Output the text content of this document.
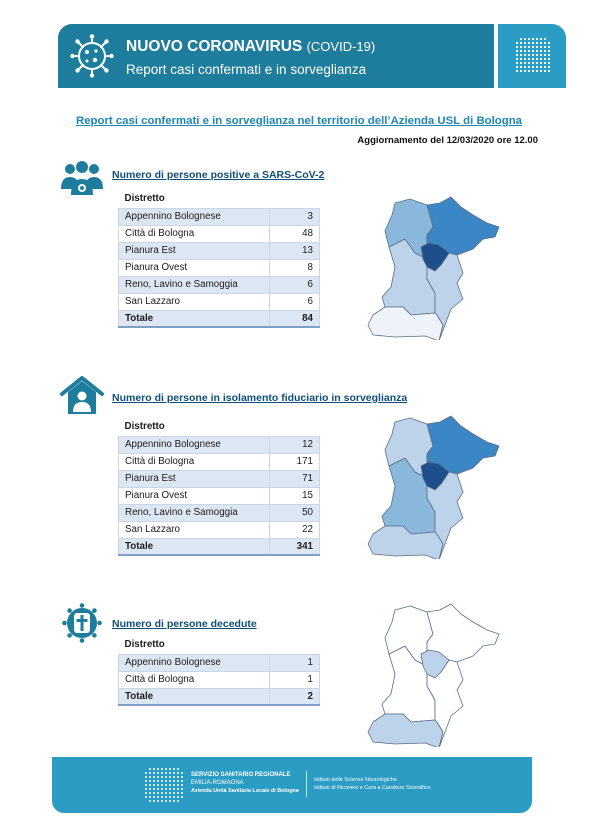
NUOVO CORONAVIRUS (COVID-19)
Report casi confermati e in sorveglianza
Report casi confermati e in sorveglianza nel territorio dell’Azienda USL di Bologna
Aggiornamento del 12/03/2020 ore 12.00
Numero di persone positive a SARS-CoV-2
Distretto	
Appennino Bolognese	3
Città di Bologna	48
Pianura Est	13
Pianura Ovest	8
Reno, Lavino e Samoggia	6
San Lazzaro	6
Totale	84
Numero di persone in isolamento fiduciario in sorveglianza
Distretto	
Appennino Bolognese	12
Città di Bologna	171
Pianura Est	71
Pianura Ovest	15
Reno, Lavino e Samoggia	50
San Lazzaro	22
Totale	341
Numero di persone decedute
Distretto	
Appennino Bolognese	1
Città di Bologna	1
Totale	2
SERVIZIO SANITARIO REGIONALE
EMILIA-ROMAGNA
Azienda Unità Sanitaria Locale di Bologna
Istituto delle Scienze Neurologiche
Istituto di Ricovero e Cura a Carattere Scientifico
